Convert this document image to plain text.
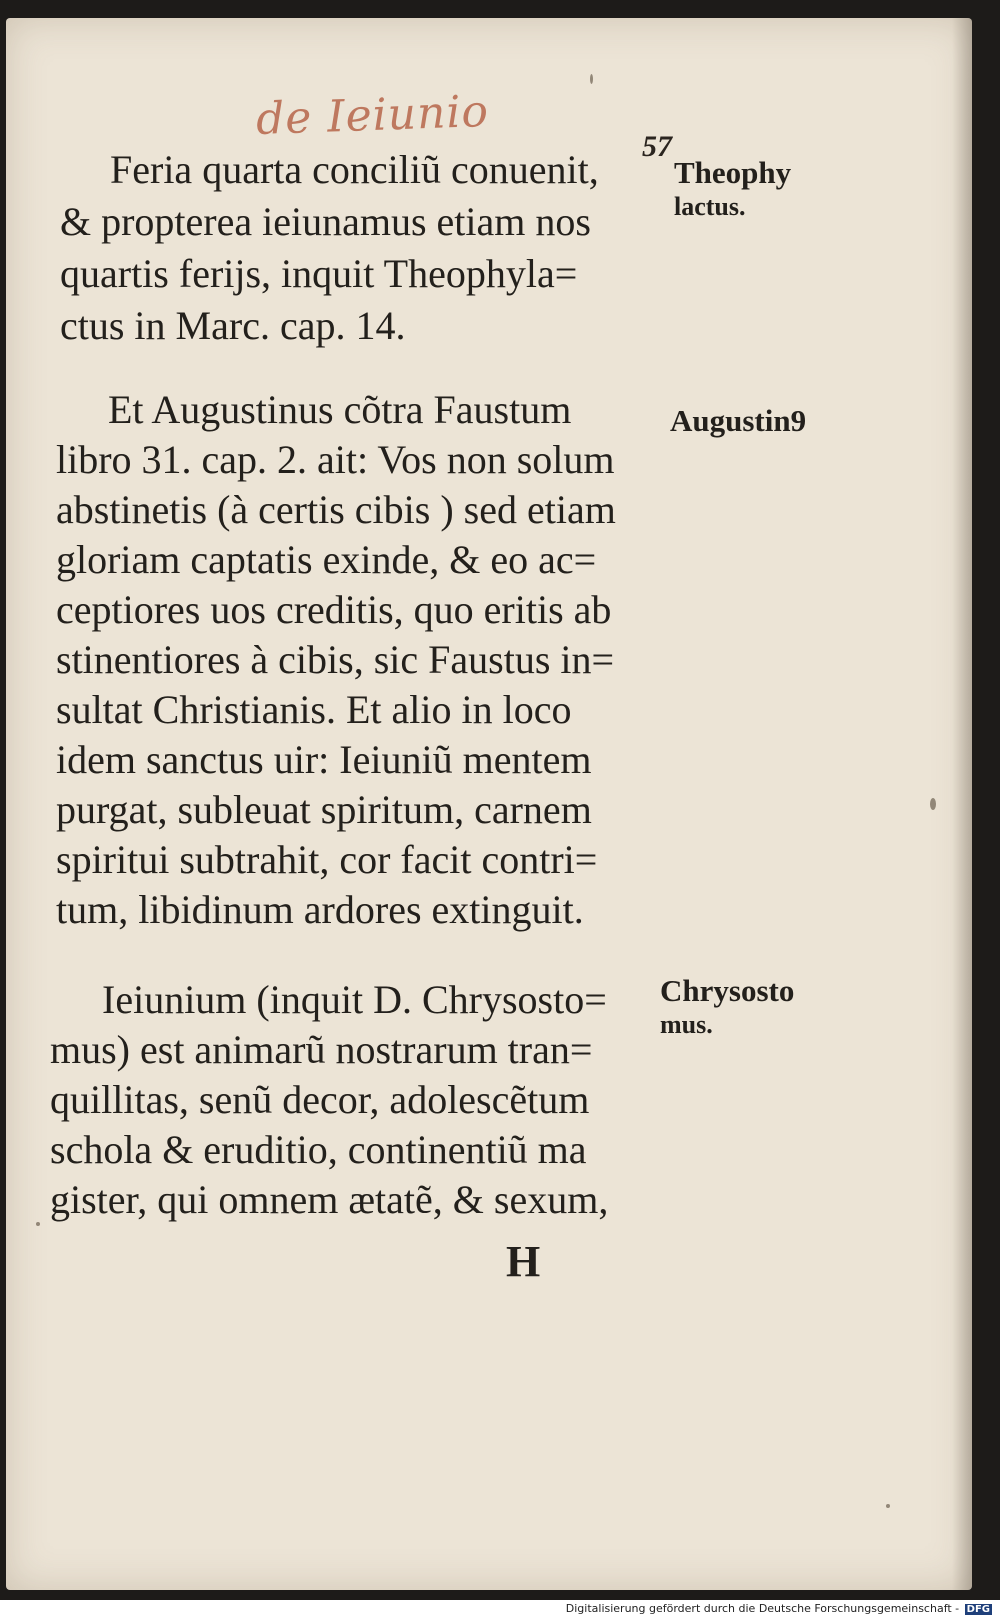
de Ieiunio
57
Feria quarta conciliũ conuenit,
& propterea ieiunamus etiam nos
quartis ferijs, inquit Theophyla=
ctus in Marc. cap. 14.
Et Augustinus cõtra Faustum
libro 31. cap. 2. ait: Vos non solum
abstinetis (à certis cibis ) sed etiam
gloriam captatis exinde, & eo ac=
ceptiores uos creditis, quo eritis ab
stinentiores à cibis, sic Faustus in=
sultat Christianis. Et alio in loco
idem sanctus uir: Ieiuniũ mentem
purgat, subleuat spiritum, carnem
spiritui subtrahit, cor facit contri=
tum, libidinum ardores extinguit.
Ieiunium (inquit D. Chrysosto=
mus) est animarũ nostrarum tran=
quillitas, senũ decor, adolescẽtum
schola & eruditio, continentiũ ma
gister, qui omnem ætatẽ, & sexum,
Theophy
lactus.
Augustin9
Chrysosto
mus.
H
Digitalisierung gefördert durch die Deutsche Forschungsgemeinschaft - DFG
